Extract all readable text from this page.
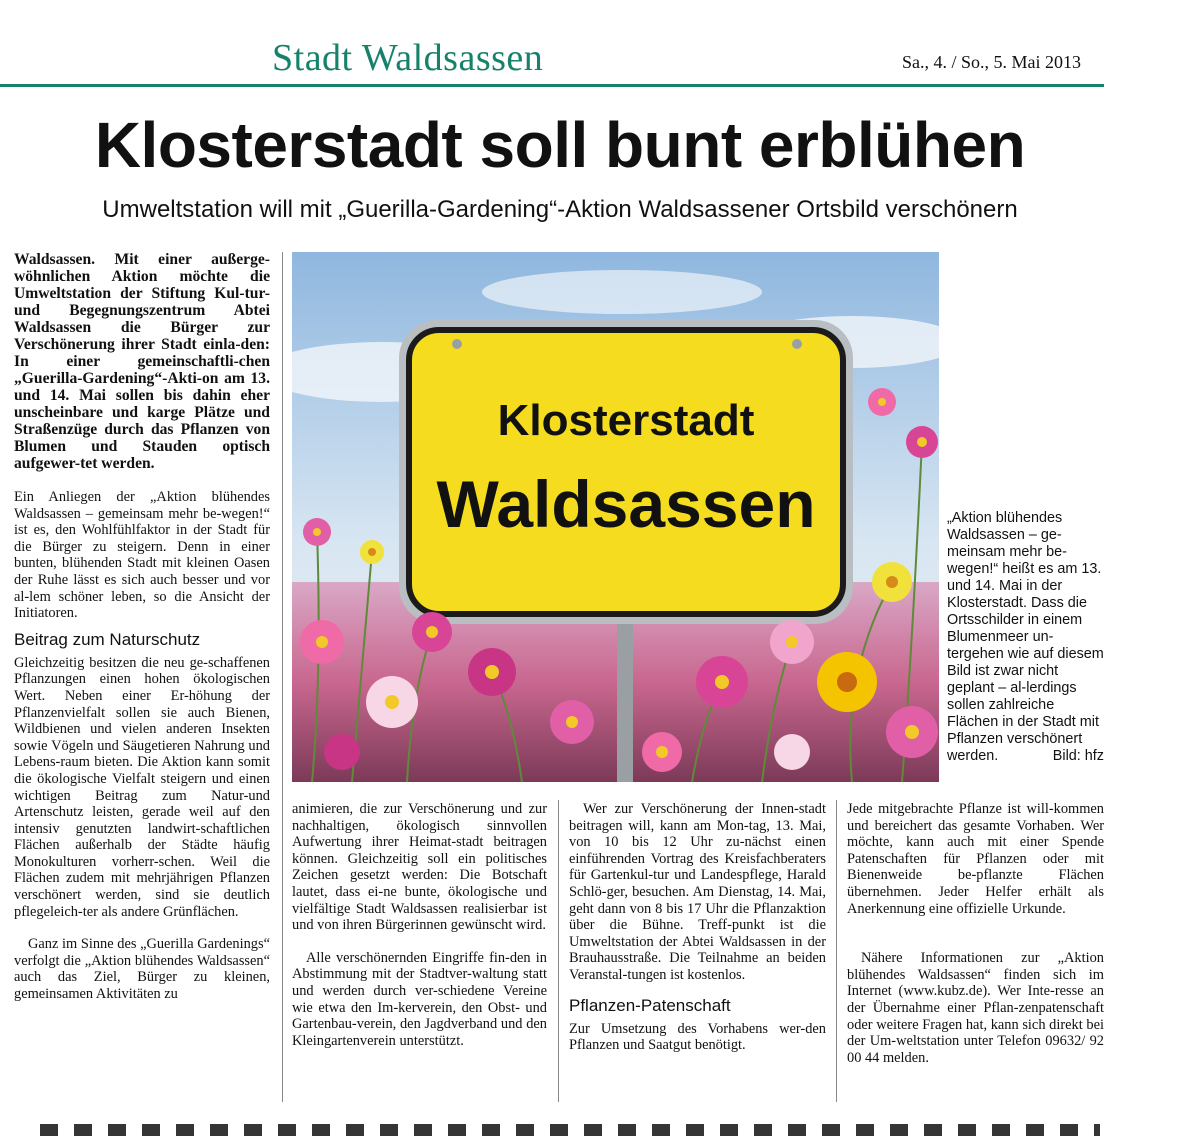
Stadt Waldsassen	Sa., 4. / So., 5. Mai 2013
Klosterstadt soll bunt erblühen
Umweltstation will mit „Guerilla-Gardening“-Aktion Waldsassener Ortsbild verschönern

Waldsassen. Mit einer außerge-wöhnlichen Aktion möchte die Umweltstation der Stiftung Kul-tur- und Begegnungszentrum Abtei Waldsassen die Bürger zur Verschönerung ihrer Stadt einla-den: In einer gemeinschaftli-chen „Guerilla-Gardening“-Akti-on am 13. und 14. Mai sollen bis dahin eher unscheinbare und karge Plätze und Straßenzüge durch das Pflanzen von Blumen und Stauden optisch aufgewer-tet werden.

Ein Anliegen der „Aktion blühendes Waldsassen – gemeinsam mehr be-wegen!“ ist es, den Wohlfühlfaktor in der Stadt für die Bürger zu steigern. Denn in einer bunten, blühenden Stadt mit kleinen Oasen der Ruhe lässt es sich auch besser und vor al-lem schöner leben, so die Ansicht der Initiatoren.

Beitrag zum Naturschutz

Gleichzeitig besitzen die neu ge-schaffenen Pflanzungen einen hohen ökologischen Wert. Neben einer Er-höhung der Pflanzenvielfalt sollen sie auch Bienen, Wildbienen und vielen anderen Insekten sowie Vögeln und Säugetieren Nahrung und Lebens-raum bieten. Die Aktion kann somit die ökologische Vielfalt steigern und einen wichtigen Beitrag zum Natur-und Artenschutz leisten, gerade weil auf den intensiv genutzten landwirt-schaftlichen Flächen außerhalb der Städte häufig Monokulturen vorherr-schen. Weil die Flächen zudem mit mehrjährigen Pflanzen verschönert werden, sind sie deutlich pflegeleich-ter als andere Grünflächen.

Ganz im Sinne des „Guerilla Gardenings“ verfolgt die „Aktion blühendes Waldsassen“ auch das Ziel, Bürger zu kleinen, gemeinsamen Aktivitäten zu

Klosterstadt
Waldsassen	„Aktion blühendes Waldsassen – ge-meinsam mehr be-wegen!“ heißt es am 13. und 14. Mai in der Klosterstadt. Dass die Ortsschilder in einem Blumenmeer un-tergehen wie auf diesem Bild ist zwar nicht geplant – al-lerdings sollen zahlreiche Flächen in der Stadt mit Pflanzen verschönert werden.	Bild: hfz

animieren, die zur Verschönerung und zur nachhaltigen, ökologisch sinnvollen Aufwertung ihrer Heimat-stadt beitragen können. Gleichzeitig soll ein politisches Zeichen gesetzt werden: Die Botschaft lautet, dass ei-ne bunte, ökologische und vielfältige Stadt Waldsassen realisierbar ist und von ihren Bürgerinnen gewünscht wird.

Alle verschönernden Eingriffe fin-den in Abstimmung mit der Stadtver-waltung statt und werden durch ver-schiedene Vereine wie etwa den Im-kerverein, den Obst- und Gartenbau-verein, den Jagdverband und den Kleingartenverein unterstützt.

Wer zur Verschönerung der Innen-stadt beitragen will, kann am Mon-tag, 13. Mai, von 10 bis 12 Uhr zu-nächst einen einführenden Vortrag des Kreisfachberaters für Gartenkul-tur und Landespflege, Harald Schlö-ger, besuchen. Am Dienstag, 14. Mai, geht dann von 8 bis 17 Uhr die Pflanzaktion über die Bühne. Treff-punkt ist die Umweltstation der Abtei Waldsassen in der Brauhausstraße. Die Teilnahme an beiden Veranstal-tungen ist kostenlos.

Pflanzen-Patenschaft

Zur Umsetzung des Vorhabens wer-den Pflanzen und Saatgut benötigt.

Jede mitgebrachte Pflanze ist will-kommen und bereichert das gesamte Vorhaben. Wer möchte, kann auch mit einer Spende Patenschaften für Pflanzen oder mit Bienenweide be-pflanzte Flächen übernehmen. Jeder Helfer erhält als Anerkennung eine offizielle Urkunde.

Nähere Informationen zur „Aktion blühendes Waldsassen“ finden sich im Internet (www.kubz.de). Wer Inte-resse an der Übernahme einer Pflan-zenpatenschaft oder weitere Fragen hat, kann sich direkt bei der Um-weltstation unter Telefon 09632/ 92 00 44 melden.
